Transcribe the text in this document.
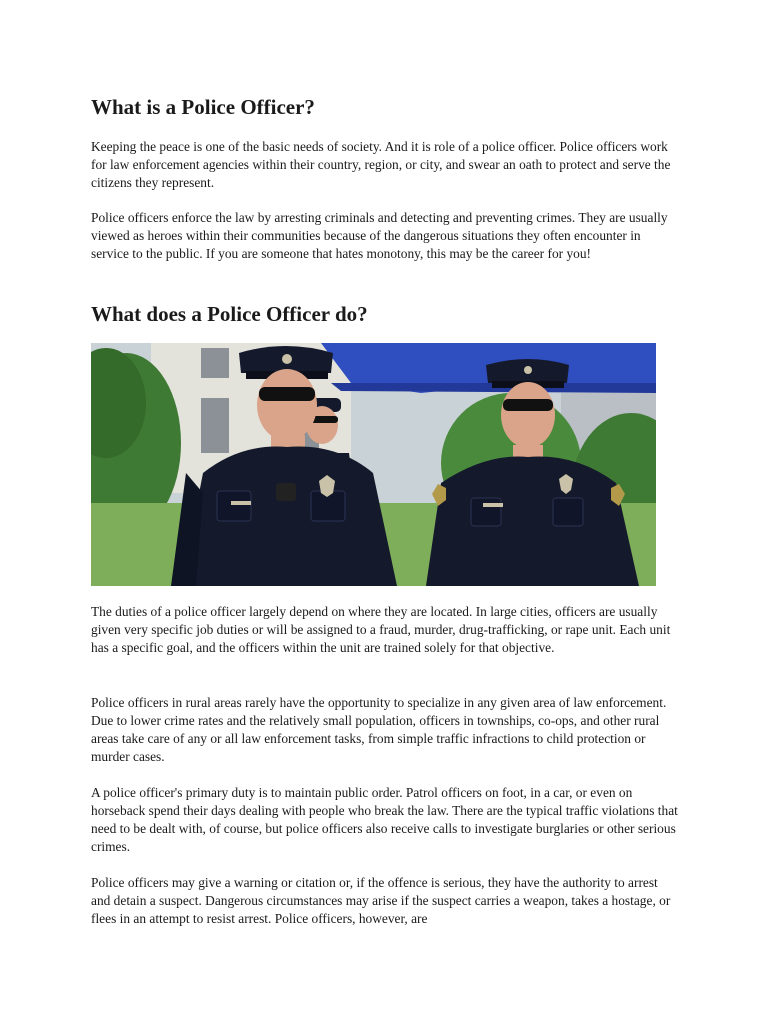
What is a Police Officer?

Keeping the peace is one of the basic needs of society. And it is role of a police officer. Police officers work for law enforcement agencies within their country, region, or city, and swear an oath to protect and serve the citizens they represent.

Police officers enforce the law by arresting criminals and detecting and preventing crimes. They are usually viewed as heroes within their communities because of the dangerous situations they often encounter in service to the public. If you are someone that hates monotony, this may be the career for you!

What does a Police Officer do?

The duties of a police officer largely depend on where they are located. In large cities, officers are usually given very specific job duties or will be assigned to a fraud, murder, drug-trafficking, or rape unit. Each unit has a specific goal, and the officers within the unit are trained solely for that objective.

Police officers in rural areas rarely have the opportunity to specialize in any given area of law enforcement. Due to lower crime rates and the relatively small population, officers in townships, co-ops, and other rural areas take care of any or all law enforcement tasks, from simple traffic infractions to child protection or murder cases.

A police officer's primary duty is to maintain public order. Patrol officers on foot, in a car, or even on horseback spend their days dealing with people who break the law. There are the typical traffic violations that need to be dealt with, of course, but police officers also receive calls to investigate burglaries or other serious crimes.

Police officers may give a warning or citation or, if the offence is serious, they have the authority to arrest and detain a suspect. Dangerous circumstances may arise if the suspect carries a weapon, takes a hostage, or flees in an attempt to resist arrest. Police officers, however, are
